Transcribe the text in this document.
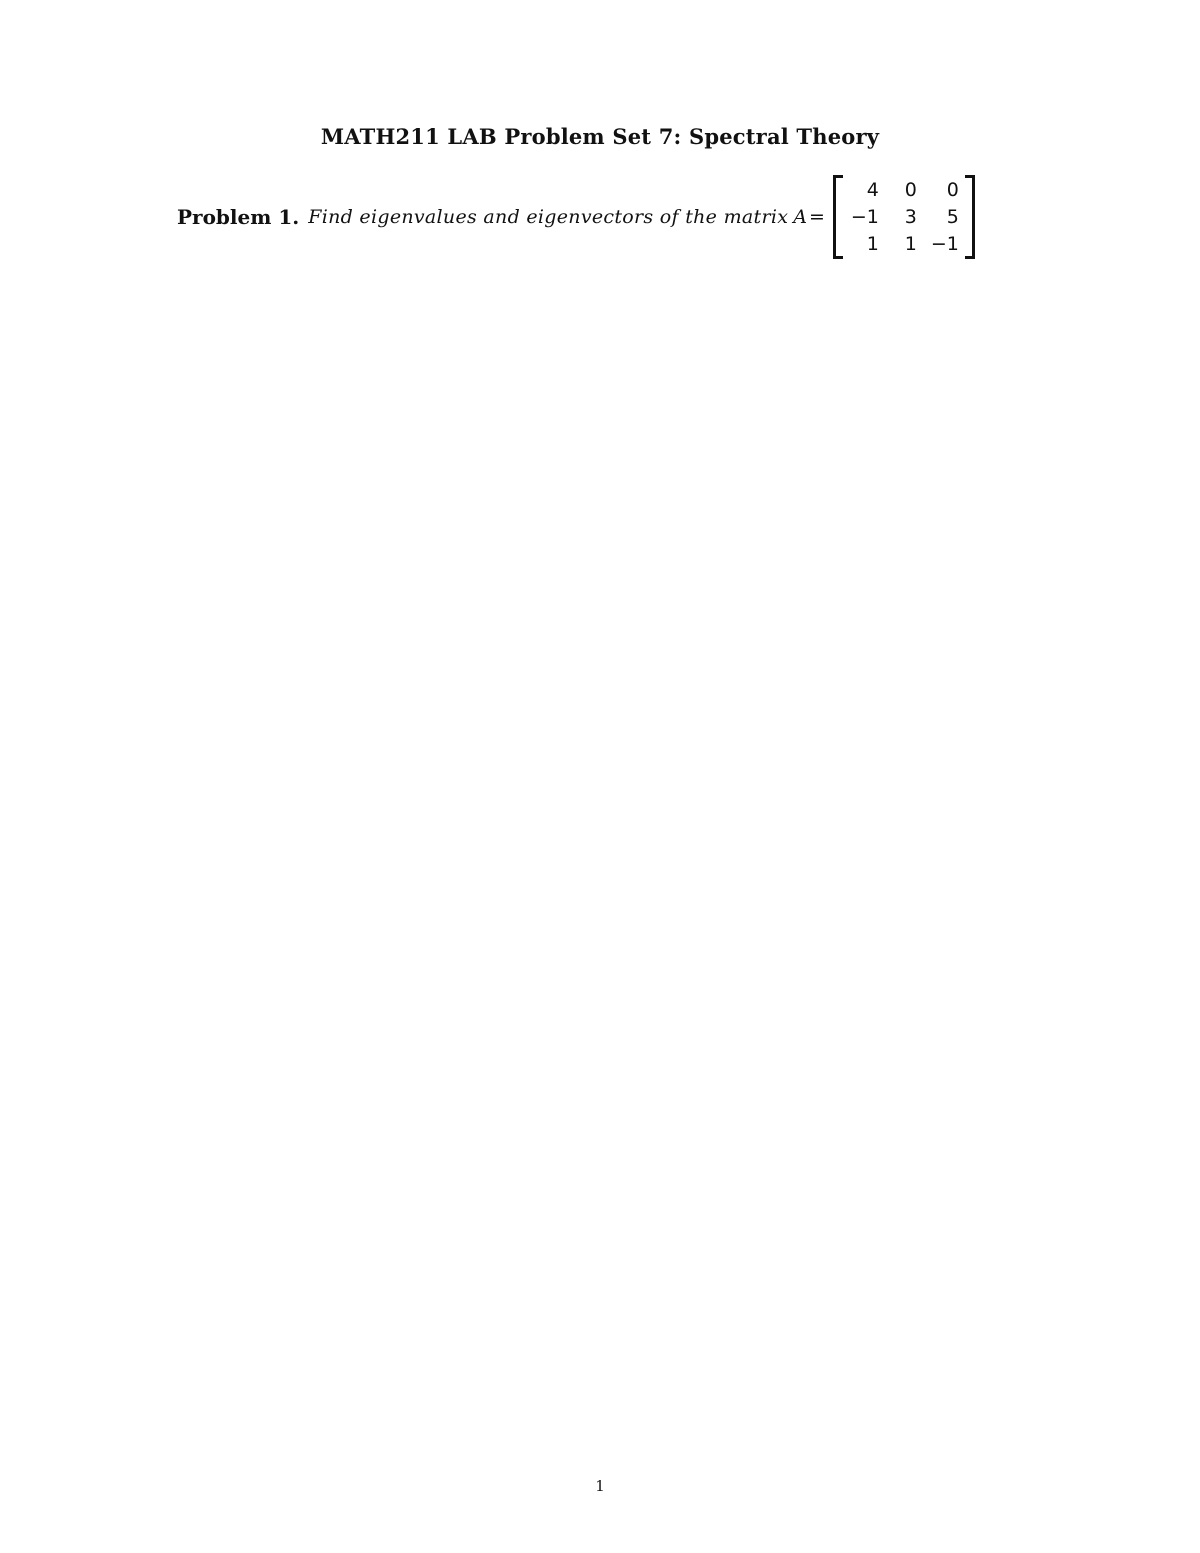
MATH211 LAB Problem Set 7: Spectral Theory
Problem 1. Find eigenvalues and eigenvectors of the matrix A =
4	0	0
−1	3	5
1	1 −1
1
